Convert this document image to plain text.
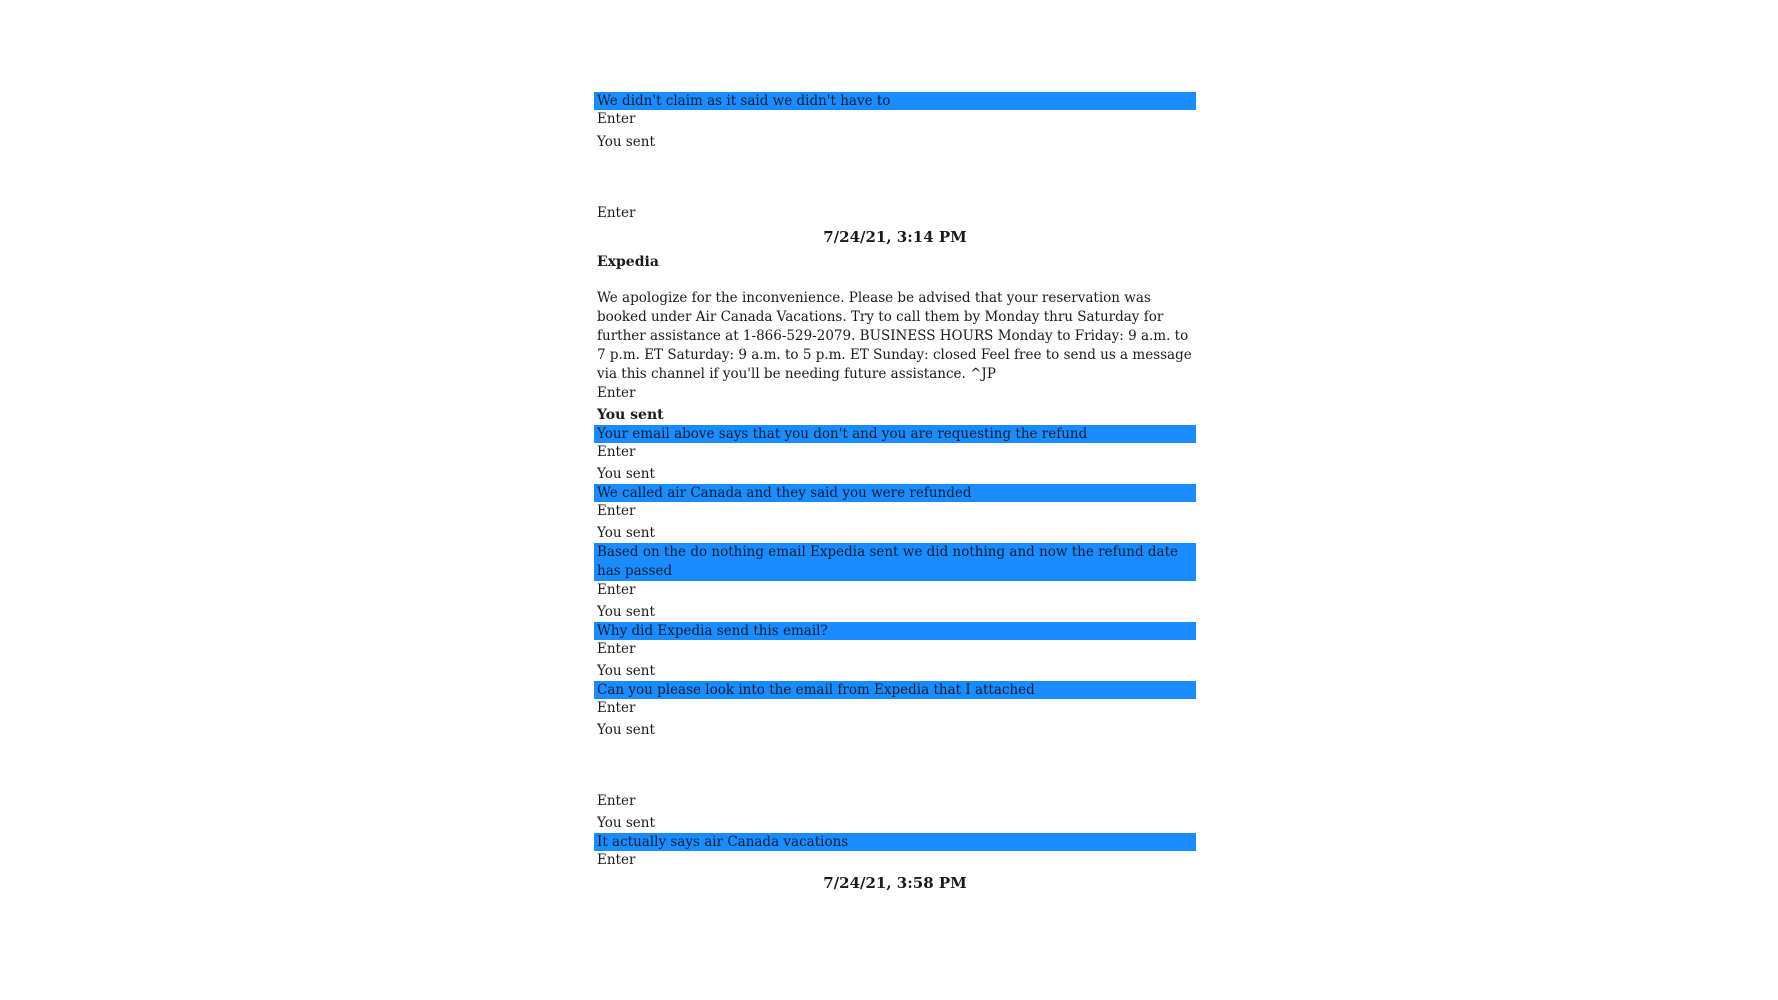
We didn't claim as it said we didn't have to
Enter
You sent
Enter
7/24/21, 3:14 PM
Expedia
We apologize for the inconvenience. Please be advised that your reservation was booked under Air Canada Vacations. Try to call them by Monday thru Saturday for further assistance at 1-866-529-2079. BUSINESS HOURS Monday to Friday: 9 a.m. to 7 p.m. ET Saturday: 9 a.m. to 5 p.m. ET Sunday: closed Feel free to send us a message via this channel if you'll be needing future assistance. ^JP
Enter
You sent
Your email above says that you don't and you are requesting the refund
Enter
You sent
We called air Canada and they said you were refunded
Enter
You sent
Based on the do nothing email Expedia sent we did nothing and now the refund date has passed
Enter
You sent
Why did Expedia send this email?
Enter
You sent
Can you please look into the email from Expedia that I attached
Enter
You sent
Enter
You sent
It actually says air Canada vacations
Enter
7/24/21, 3:58 PM
